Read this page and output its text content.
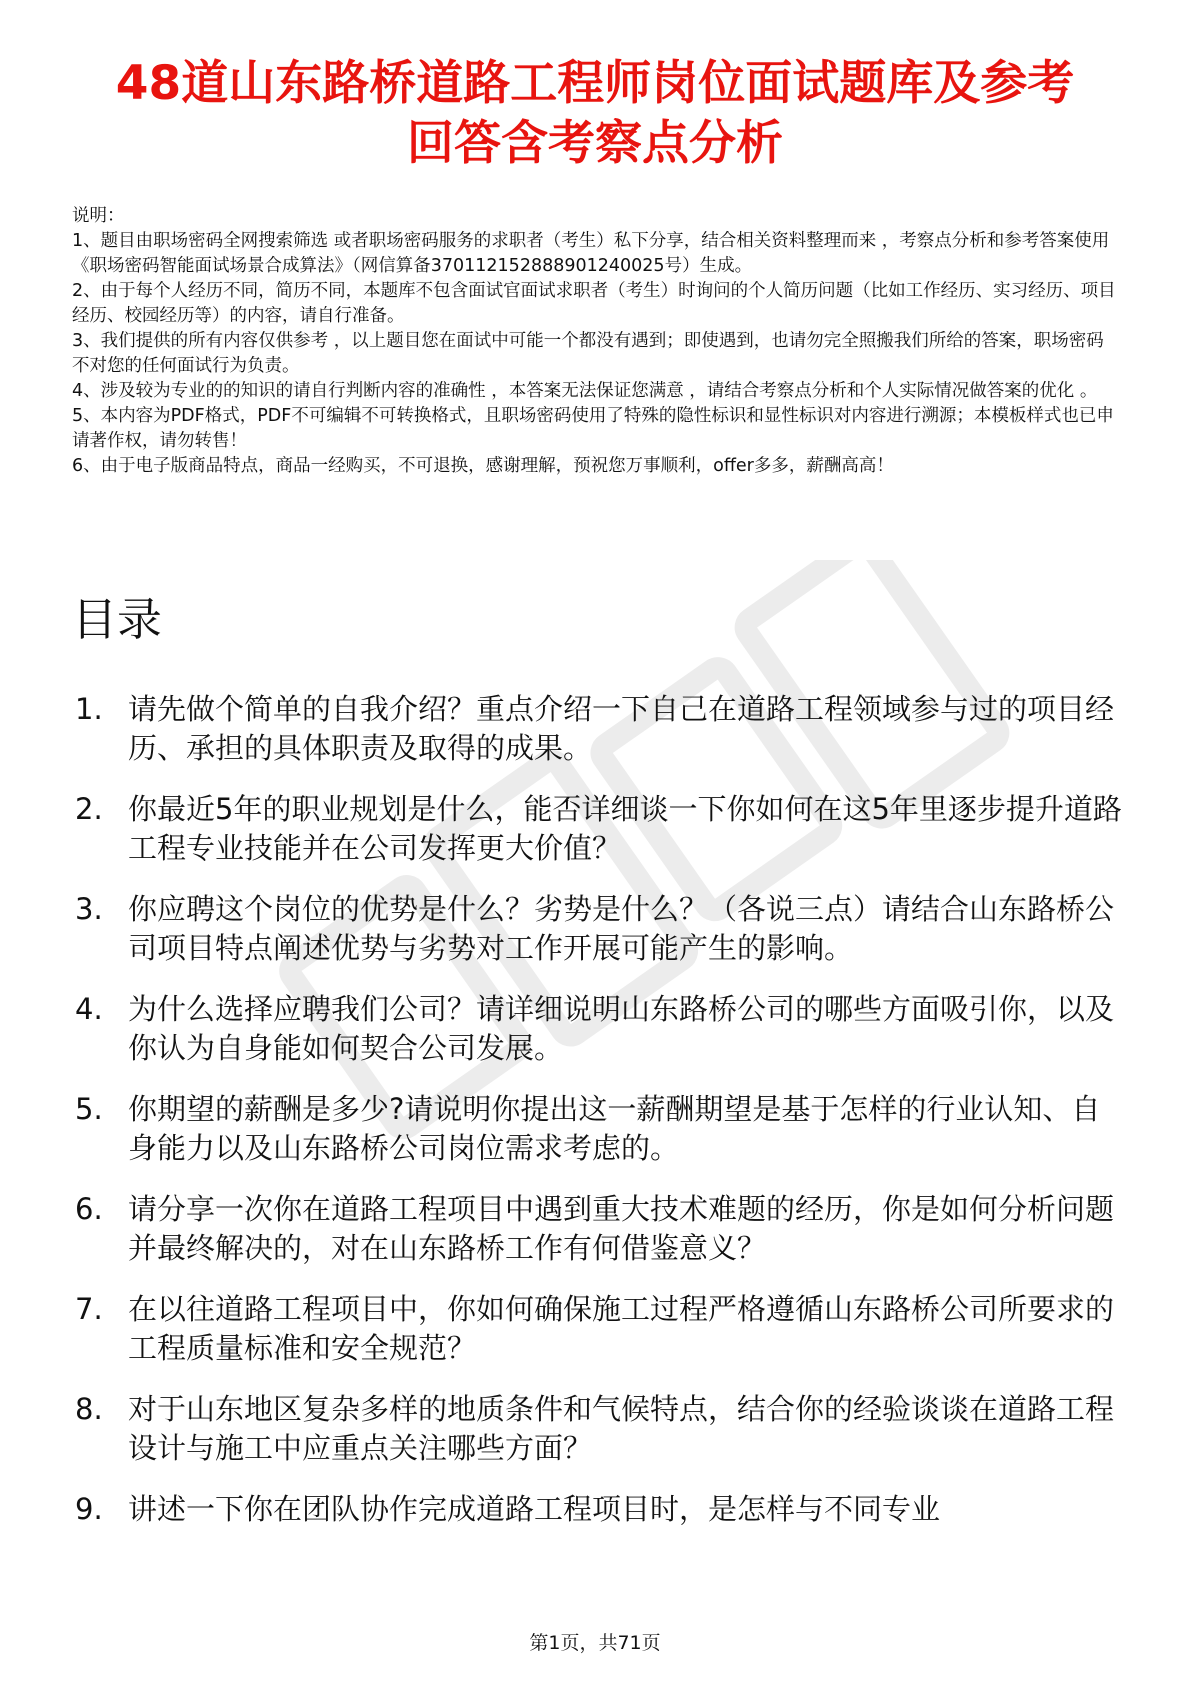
48道山东路桥道路工程师岗位面试题库及参考
回答含考察点分析

说明：

1、题目由职场密码全网搜索筛选 或者职场密码服务的求职者（考生）私下分享，结合相关资料整理而来 ，考察点分析和参考答案使用《职场密码智能面试场景合成算法》（网信算备370112152888901240025号）生成。

2、由于每个人经历不同，简历不同，本题库不包含面试官面试求职者（考生）时询问的个人简历问题（比如工作经历、实习经历、项目经历、校园经历等）的内容，请自行准备。

3、我们提供的所有内容仅供参考 ，以上题目您在面试中可能一个都没有遇到；即使遇到，也请勿完全照搬我们所给的答案，职场密码不对您的任何面试行为负责。

4、涉及较为专业的的知识的请自行判断内容的准确性 ，本答案无法保证您满意 ，请结合考察点分析和个人实际情况做答案的优化 。

5、本内容为PDF格式，PDF不可编辑不可转换格式，且职场密码使用了特殊的隐性标识和显性标识对内容进行溯源；本模板样式也已申请著作权，请勿转售！

6、由于电子版商品特点，商品一经购买，不可退换，感谢理解，预祝您万事顺利，offer多多，薪酬高高！

目录
1. 请先做个简单的自我介绍？重点介绍一下自己在道路工程领域参与过的项目经历、承担的具体职责及取得的成果。
2. 你最近5年的职业规划是什么，能否详细谈一下你如何在这5年里逐步提升道路工程专业技能并在公司发挥更大价值？
3. 你应聘这个岗位的优势是什么？劣势是什么？（各说三点）请结合山东路桥公司项目特点阐述优势与劣势对工作开展可能产生的影响。
4. 为什么选择应聘我们公司？请详细说明山东路桥公司的哪些方面吸引你，以及你认为自身能如何契合公司发展。
5. 你期望的薪酬是多少?请说明你提出这一薪酬期望是基于怎样的行业认知、自身能力以及山东路桥公司岗位需求考虑的。
6. 请分享一次你在道路工程项目中遇到重大技术难题的经历，你是如何分析问题并最终解决的，对在山东路桥工作有何借鉴意义？
7. 在以往道路工程项目中，你如何确保施工过程严格遵循山东路桥公司所要求的工程质量标准和安全规范？
8. 对于山东地区复杂多样的地质条件和气候特点，结合你的经验谈谈在道路工程设计与施工中应重点关注哪些方面？
9. 讲述一下你在团队协作完成道路工程项目时，是怎样与不同专业
第1页，共71页
